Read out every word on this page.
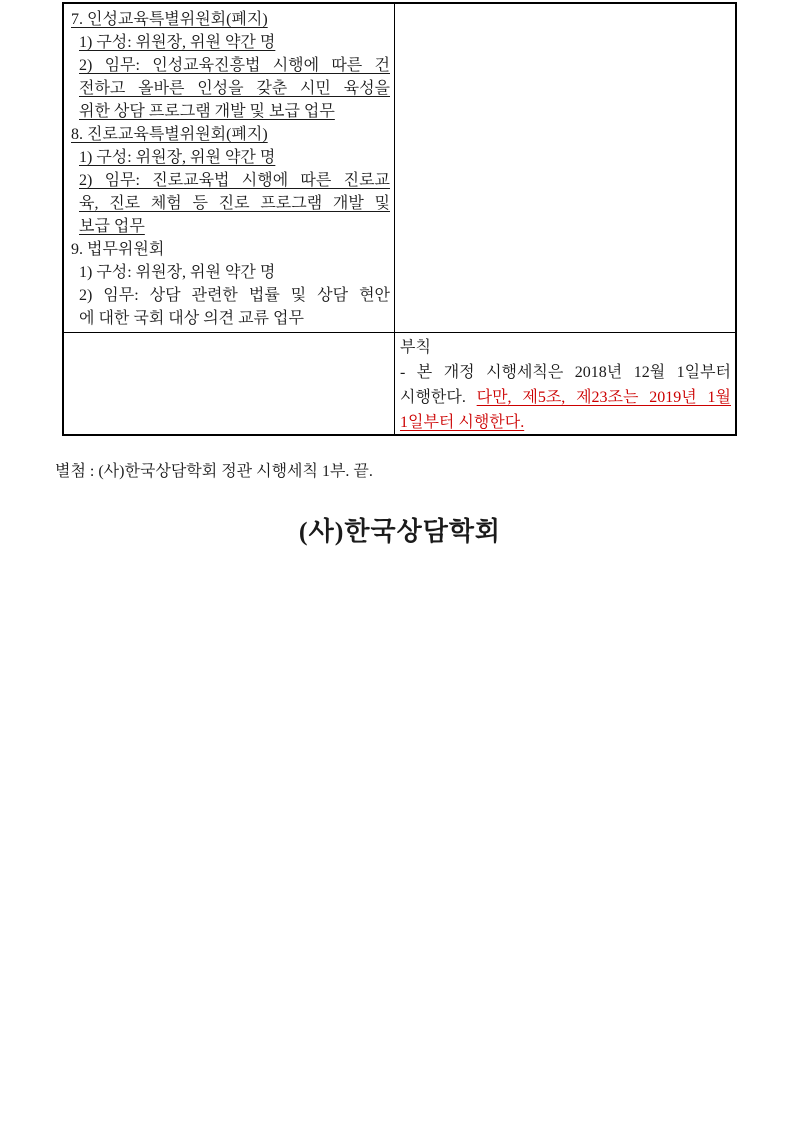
7. 인성교육특별위원회(폐지)
1) 구성: 위원장, 위원 약간 명
2) 임무: 인성교육진흥법 시행에 따른 건
전하고 올바른 인성을 갖춘 시민 육성을
위한 상담 프로그램 개발 및 보급 업무
8. 진로교육특별위원회(폐지)
1) 구성: 위원장, 위원 약간 명
2) 임무: 진로교육법 시행에 따른 진로교
육, 진로 체험 등 진로 프로그램 개발 및
보급 업무
9. 법무위원회
1) 구성: 위원장, 위원 약간 명
2) 임무: 상담 관련한 법률 및 상담 현안
에 대한 국회 대상 의견 교류 업무
부칙
- 본 개정 시행세칙은 2018년 12월 1일부터
시행한다. 다만, 제5조, 제23조는 2019년 1월
1일부터 시행한다.
별첨 : (사)한국상담학회 정관 시행세칙 1부. 끝.
(사)한국상담학회
